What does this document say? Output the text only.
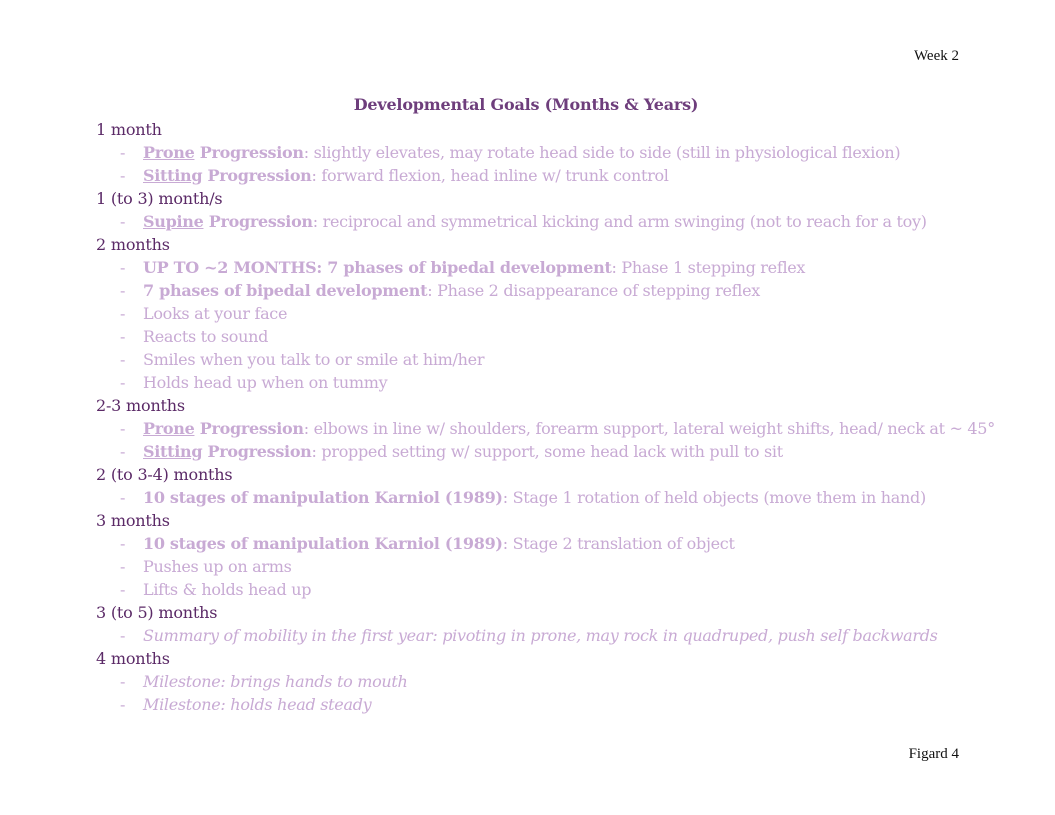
Week 2
Developmental Goals (Months & Years)
1 month
- Prone Progression: slightly elevates, may rotate head side to side (still in physiological flexion)
- Sitting Progression: forward flexion, head inline w/ trunk control
1 (to 3) month/s
- Supine Progression: reciprocal and symmetrical kicking and arm swinging (not to reach for a toy)
2 months
- UP TO ~2 MONTHS: 7 phases of bipedal development: Phase 1 stepping reflex
- 7 phases of bipedal development: Phase 2 disappearance of stepping reflex
- Looks at your face
- Reacts to sound
- Smiles when you talk to or smile at him/her
- Holds head up when on tummy
2-3 months
- Prone Progression: elbows in line w/ shoulders, forearm support, lateral weight shifts, head/ neck at ~ 45°
- Sitting Progression: propped setting w/ support, some head lack with pull to sit
2 (to 3-4) months
- 10 stages of manipulation Karniol (1989): Stage 1 rotation of held objects (move them in hand)
3 months
- 10 stages of manipulation Karniol (1989): Stage 2 translation of object
- Pushes up on arms
- Lifts & holds head up
3 (to 5) months
- Summary of mobility in the first year: pivoting in prone, may rock in quadruped, push self backwards
4 months
- Milestone: brings hands to mouth
- Milestone: holds head steady
Figard 4
